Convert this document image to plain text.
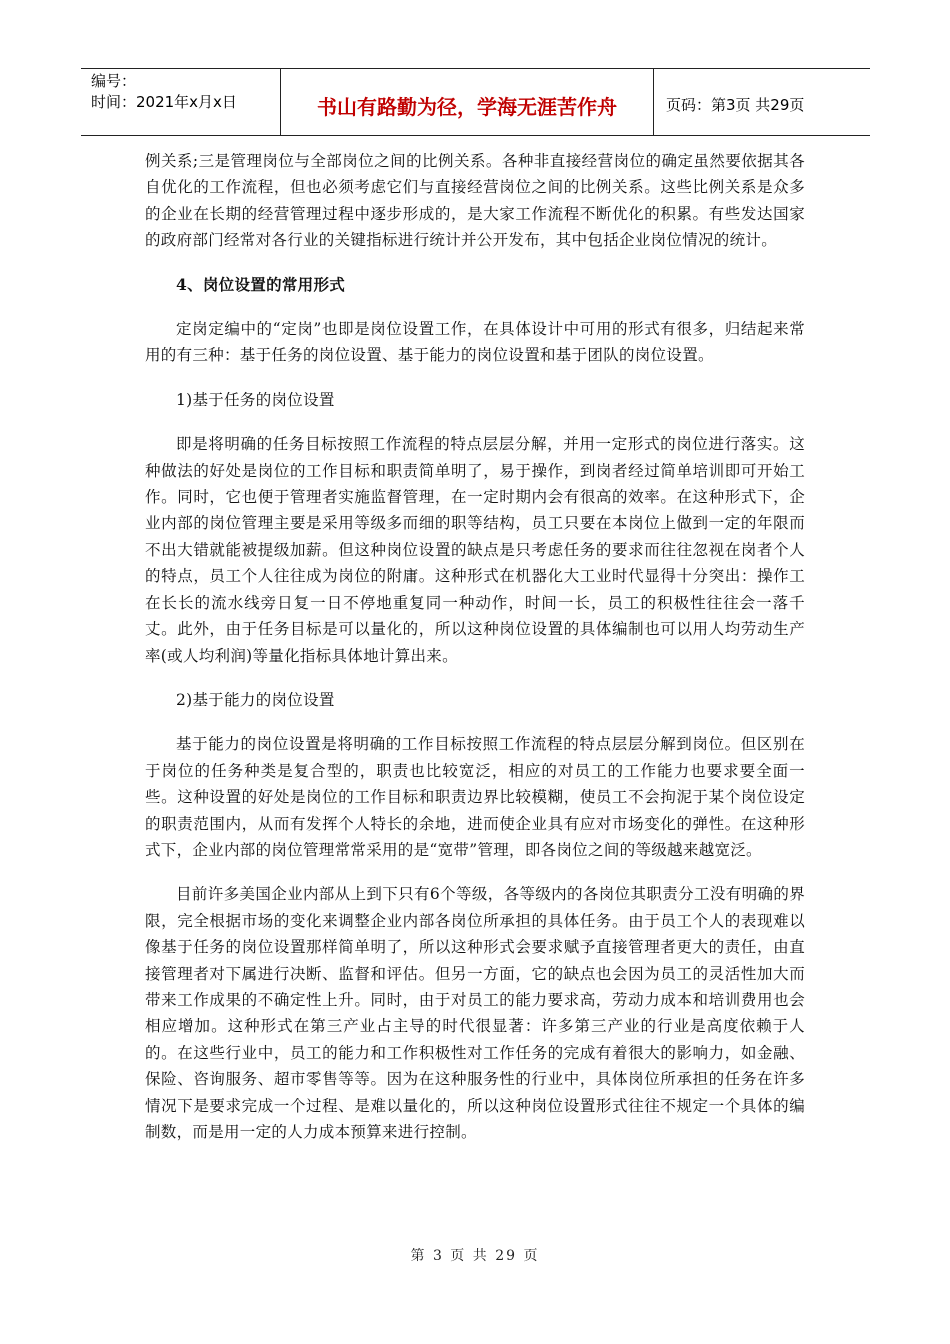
编号：
时间：2021年x月x日	书山有路勤为径，学海无涯苦作舟	页码：第3页 共29页

例关系;三是管理岗位与全部岗位之间的比例关系。各种非直接经营岗位的确定虽然要依据其各自优化的工作流程，但也必须考虑它们与直接经营岗位之间的比例关系。这些比例关系是众多的企业在长期的经营管理过程中逐步形成的，是大家工作流程不断优化的积累。有些发达国家的政府部门经常对各行业的关键指标进行统计并公开发布，其中包括企业岗位情况的统计。

4、岗位设置的常用形式

定岗定编中的“定岗”也即是岗位设置工作，在具体设计中可用的形式有很多，归结起来常用的有三种：基于任务的岗位设置、基于能力的岗位设置和基于团队的岗位设置。

1)基于任务的岗位设置

即是将明确的任务目标按照工作流程的特点层层分解，并用一定形式的岗位进行落实。这种做法的好处是岗位的工作目标和职责简单明了，易于操作，到岗者经过简单培训即可开始工作。同时，它也便于管理者实施监督管理，在一定时期内会有很高的效率。在这种形式下，企业内部的岗位管理主要是采用等级多而细的职等结构，员工只要在本岗位上做到一定的年限而不出大错就能被提级加薪。但这种岗位设置的缺点是只考虑任务的要求而往往忽视在岗者个人的特点，员工个人往往成为岗位的附庸。这种形式在机器化大工业时代显得十分突出：操作工在长长的流水线旁日复一日不停地重复同一种动作，时间一长，员工的积极性往往会一落千丈。此外，由于任务目标是可以量化的，所以这种岗位设置的具体编制也可以用人均劳动生产率(或人均利润)等量化指标具体地计算出来。

2)基于能力的岗位设置

基于能力的岗位设置是将明确的工作目标按照工作流程的特点层层分解到岗位。但区别在于岗位的任务种类是复合型的，职责也比较宽泛，相应的对员工的工作能力也要求要全面一些。这种设置的好处是岗位的工作目标和职责边界比较模糊，使员工不会拘泥于某个岗位设定的职责范围内，从而有发挥个人特长的余地，进而使企业具有应对市场变化的弹性。在这种形式下，企业内部的岗位管理常常采用的是“宽带”管理，即各岗位之间的等级越来越宽泛。

目前许多美国企业内部从上到下只有6个等级，各等级内的各岗位其职责分工没有明确的界限，完全根据市场的变化来调整企业内部各岗位所承担的具体任务。由于员工个人的表现难以像基于任务的岗位设置那样简单明了，所以这种形式会要求赋予直接管理者更大的责任，由直接管理者对下属进行决断、监督和评估。但另一方面，它的缺点也会因为员工的灵活性加大而带来工作成果的不确定性上升。同时，由于对员工的能力要求高，劳动力成本和培训费用也会相应增加。这种形式在第三产业占主导的时代很显著：许多第三产业的行业是高度依赖于人的。在这些行业中，员工的能力和工作积极性对工作任务的完成有着很大的影响力，如金融、保险、咨询服务、超市零售等等。因为在这种服务性的行业中，具体岗位所承担的任务在许多情况下是要求完成一个过程、是难以量化的，所以这种岗位设置形式往往不规定一个具体的编制数，而是用一定的人力成本预算来进行控制。

第 3 页 共 29 页
